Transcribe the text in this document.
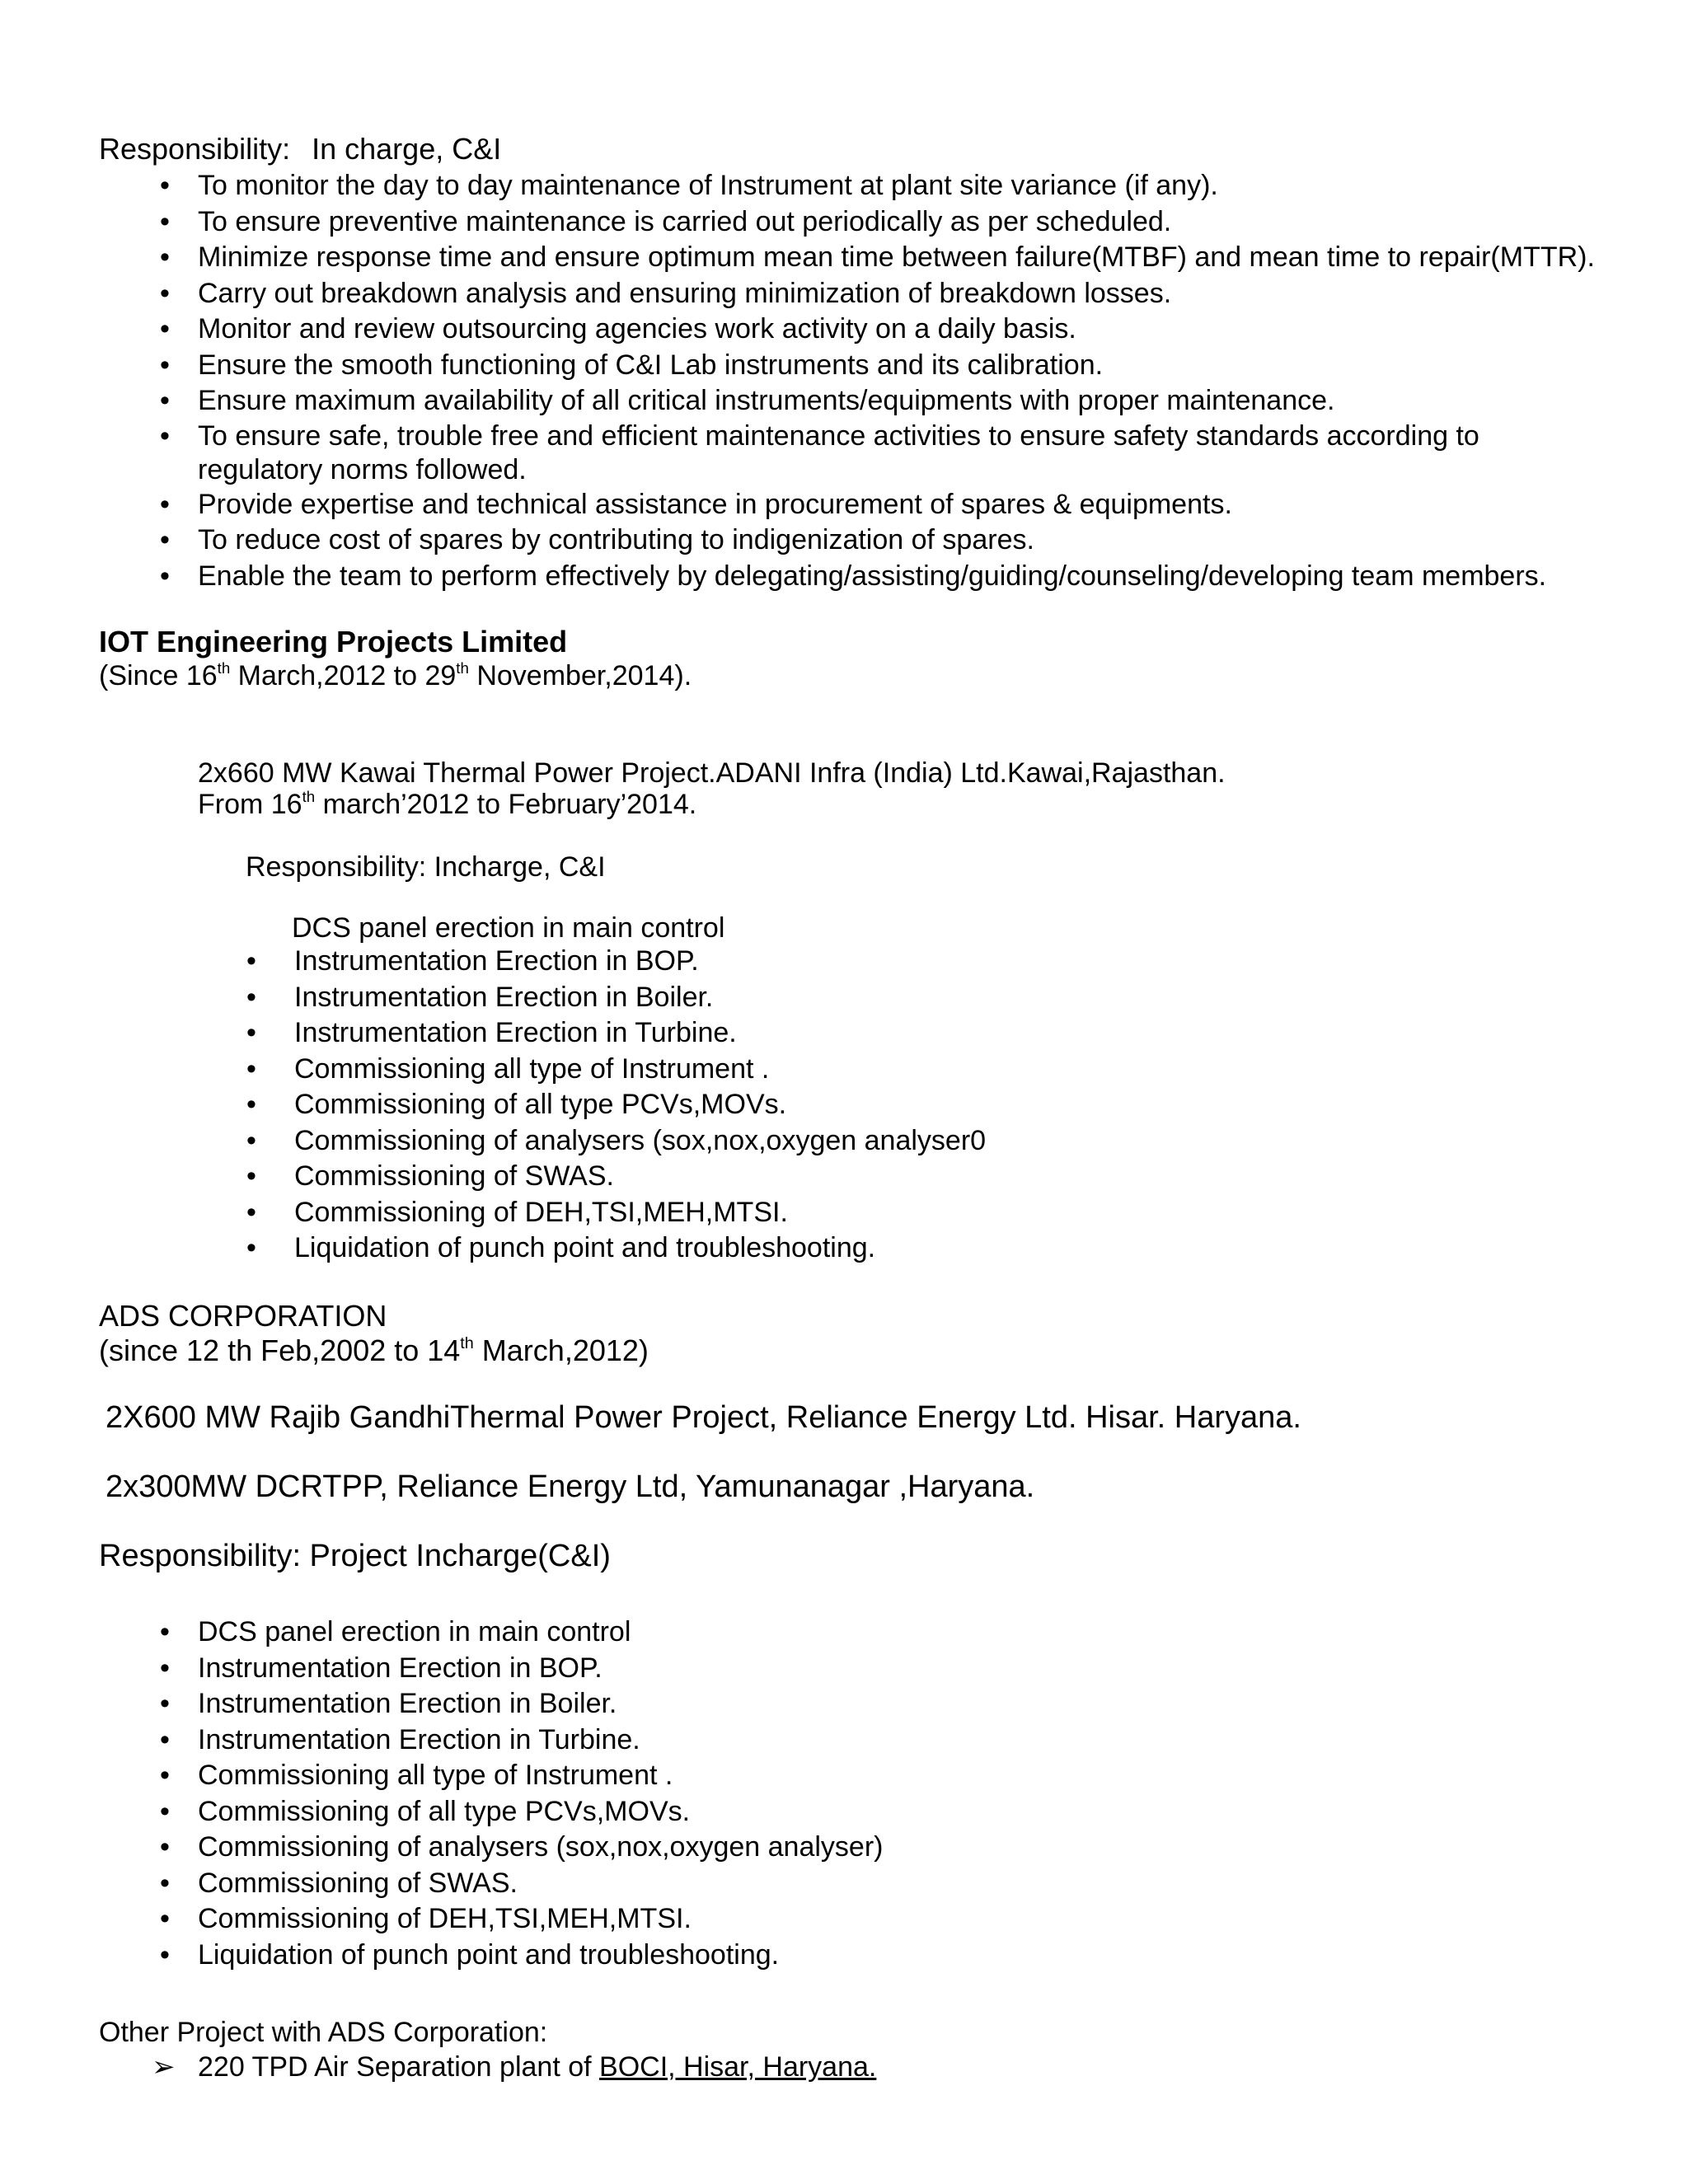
Responsibility: In charge, C&I
• To monitor the day to day maintenance of Instrument at plant site variance (if any).
• To ensure preventive maintenance is carried out periodically as per scheduled.
• Minimize response time and ensure optimum mean time between failure(MTBF) and mean time to repair(MTTR).
• Carry out breakdown analysis and ensuring minimization of breakdown losses.
• Monitor and review outsourcing agencies work activity on a daily basis.
• Ensure the smooth functioning of C&I Lab instruments and its calibration.
• Ensure maximum availability of all critical instruments/equipments with proper maintenance.
• To ensure safe, trouble free and efficient maintenance activities to ensure safety standards according to
regulatory norms followed.
• Provide expertise and technical assistance in procurement of spares & equipments.
• To reduce cost of spares by contributing to indigenization of spares.
• Enable the team to perform effectively by delegating/assisting/guiding/counseling/developing team members.
IOT Engineering Projects Limited
(Since 16th March,2012 to 29th November,2014).
2x660 MW Kawai Thermal Power Project.ADANI Infra (India) Ltd.Kawai,Rajasthan.
From 16th march’2012 to February’2014.
Responsibility: Incharge, C&I
DCS panel erection in main control
• Instrumentation Erection in BOP.
• Instrumentation Erection in Boiler.
• Instrumentation Erection in Turbine.
• Commissioning all type of Instrument .
• Commissioning of all type PCVs,MOVs.
• Commissioning of analysers (sox,nox,oxygen analyser0
• Commissioning of SWAS.
• Commissioning of DEH,TSI,MEH,MTSI.
• Liquidation of punch point and troubleshooting.
ADS CORPORATION
(since 12 th Feb,2002 to 14th March,2012)
2X600 MW Rajib GandhiThermal Power Project, Reliance Energy Ltd. Hisar. Haryana.
2x300MW DCRTPP, Reliance Energy Ltd, Yamunanagar ,Haryana.
Responsibility: Project Incharge(C&I)
• DCS panel erection in main control
• Instrumentation Erection in BOP.
• Instrumentation Erection in Boiler.
• Instrumentation Erection in Turbine.
• Commissioning all type of Instrument .
• Commissioning of all type PCVs,MOVs.
• Commissioning of analysers (sox,nox,oxygen analyser)
• Commissioning of SWAS.
• Commissioning of DEH,TSI,MEH,MTSI.
• Liquidation of punch point and troubleshooting.
Other Project with ADS Corporation:
➢ 220 TPD Air Separation plant of BOCI, Hisar, Haryana.
